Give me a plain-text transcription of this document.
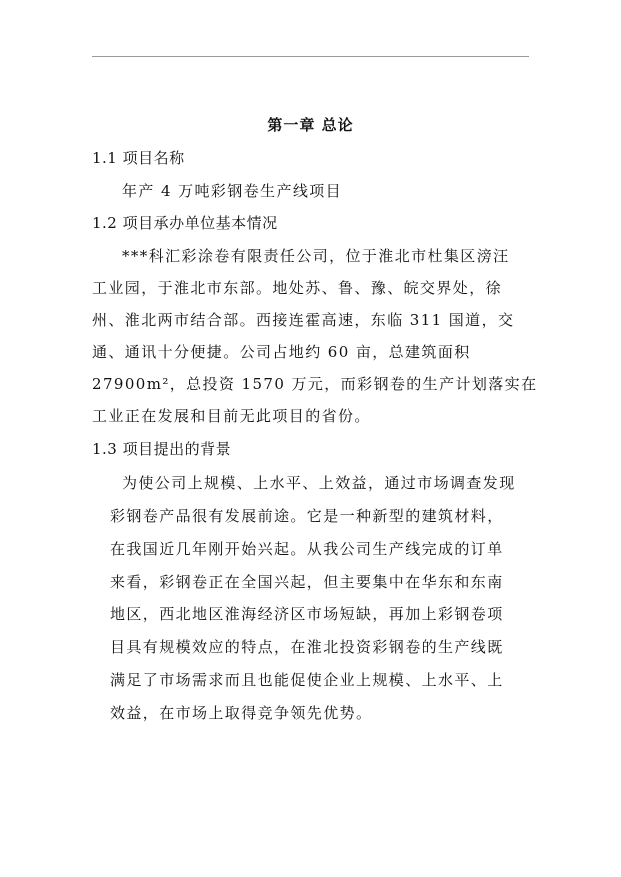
第一章 总论
1.1 项目名称
年产 4 万吨彩钢卷生产线项目
1.2 项目承办单位基本情况
***科汇彩涂卷有限责任公司，位于淮北市杜集区滂汪
工业园，于淮北市东部。地处苏、鲁、豫、皖交界处，徐
州、淮北两市结合部。西接连霍高速，东临 311 国道，交
通、通讯十分便捷。公司占地约 60 亩，总建筑面积
27900m²，总投资 1570 万元，而彩钢卷的生产计划落实在
工业正在发展和目前无此项目的省份。
1.3 项目提出的背景
为使公司上规模、上水平、上效益，通过市场调查发现
彩钢卷产品很有发展前途。它是一种新型的建筑材料，
在我国近几年刚开始兴起。从我公司生产线完成的订单
来看，彩钢卷正在全国兴起，但主要集中在华东和东南
地区，西北地区淮海经济区市场短缺，再加上彩钢卷项
目具有规模效应的特点，在淮北投资彩钢卷的生产线既
满足了市场需求而且也能促使企业上规模、上水平、上
效益，在市场上取得竞争领先优势。
